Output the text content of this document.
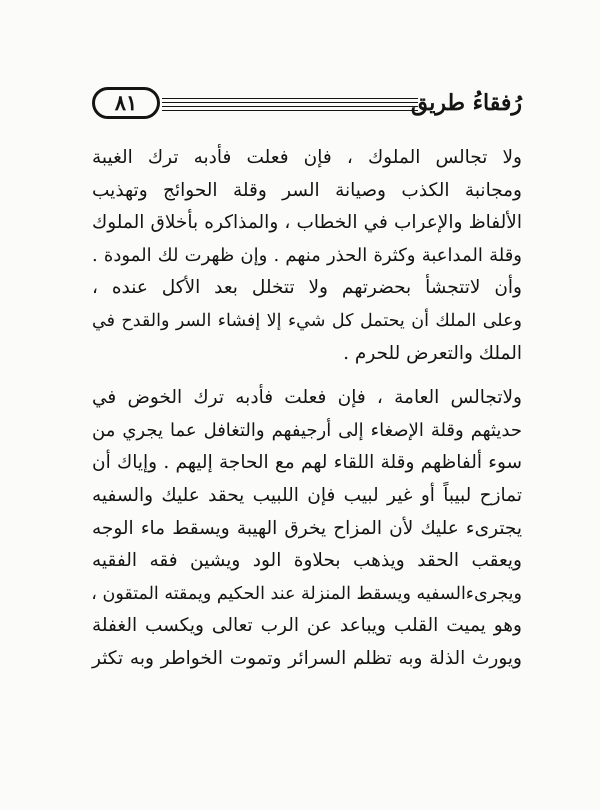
٨١	رُفقاءُ طريق
ولا تجالس الملوك ، فإن فعلت فأدبه ترك الغيبة
ومجانبة الكذب وصيانة السر وقلة الحوائج وتهذيب
الألفاظ والإعراب في الخطاب ، والمذاكره بأخلاق الملوك
وقلة المداعبة وكثرة الحذر منهم . وإن ظهرت لك المودة .
وأن لاتتجشأ بحضرتهم ولا تتخلل بعد الأكل عنده ،
وعلى الملك أن يحتمل كل شيء إلا إفشاء السر والقدح في
الملك والتعرض للحرم .
ولاتجالس العامة ، فإن فعلت فأدبه ترك الخوض في
حديثهم وقلة الإصغاء إلى أرجيفهم والتغافل عما يجري من
سوء ألفاظهم وقلة اللقاء لهم مع الحاجة إليهم . وإياك أن
تمازح لبيباً أو غير لبيب فإن اللبيب يحقد عليك والسفيه
يجترىء عليك لأن المزاح يخرق الهيبة ويسقط ماء الوجه
ويعقب الحقد ويذهب بحلاوة الود ويشين فقه الفقيه
ويجرىءالسفيه ويسقط المنزلة عند الحكيم ويمقته المتقون ،
وهو يميت القلب ويباعد عن الرب تعالى ويكسب الغفلة
ويورث الذلة وبه تظلم السرائر وتموت الخواطر وبه تكثر
